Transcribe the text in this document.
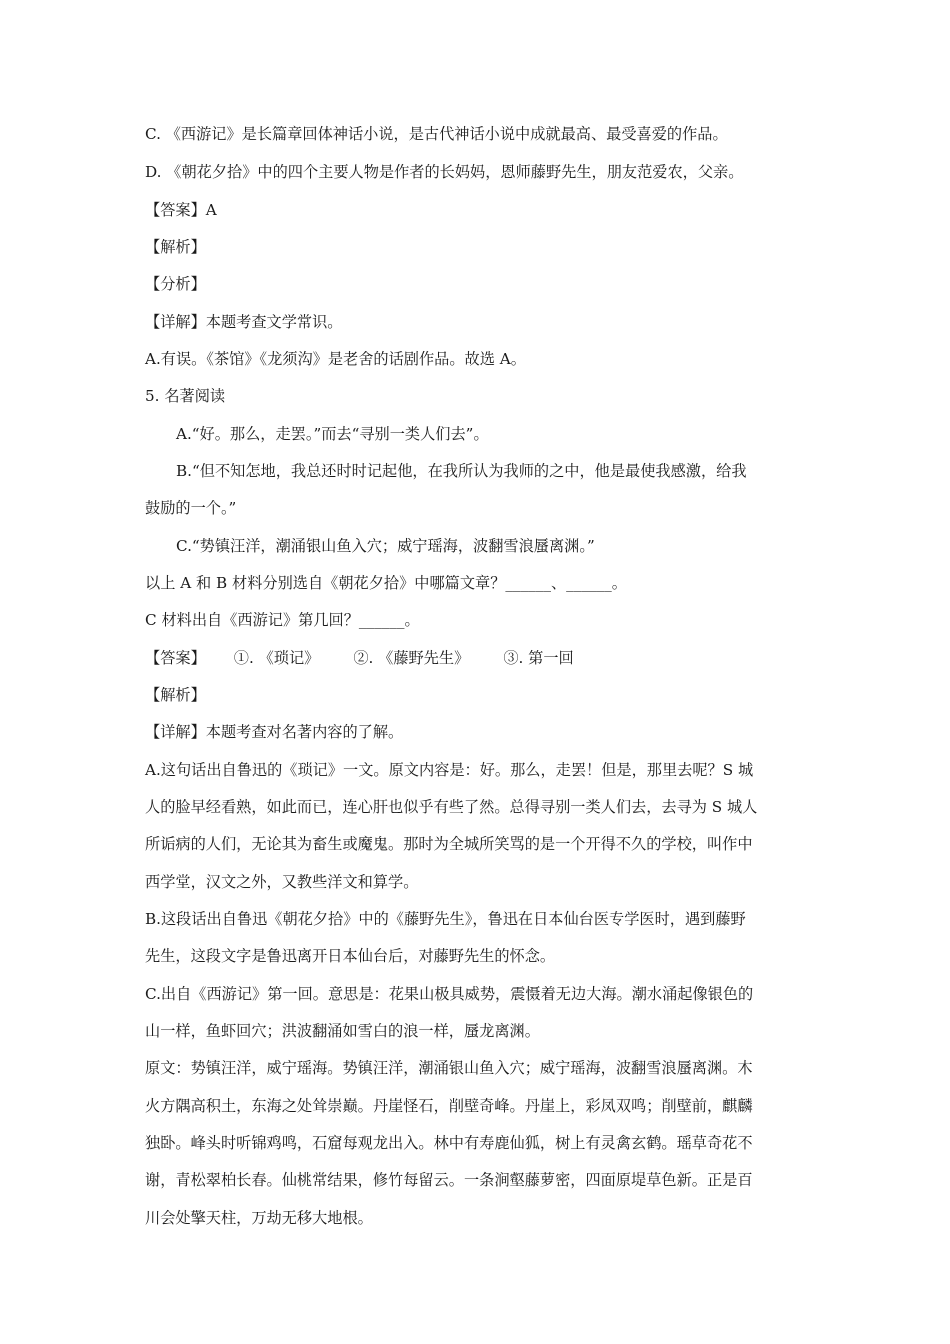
C. 《西游记》是长篇章回体神话小说，是古代神话小说中成就最高、最受喜爱的作品。
D. 《朝花夕拾》中的四个主要人物是作者的长妈妈，恩师藤野先生，朋友范爱农，父亲。
【答案】A
【解析】
【分析】
【详解】本题考查文学常识。
A.有误。《茶馆》《龙须沟》是老舍的话剧作品。故选 A。
5. 名著阅读
A.“好。那么，走罢。”而去“寻别一类人们去”。
B.“但不知怎地，我总还时时记起他，在我所认为我师的之中，他是最使我感激，给我
鼓励的一个。”
C.“势镇汪洋，潮涌银山鱼入穴；威宁瑶海，波翻雪浪蜃离渊。”
以上 A 和 B 材料分别选自《朝花夕拾》中哪篇文章？______、______。
C 材料出自《西游记》第几回？______。
【答案】 ①. 《琐记》 ②. 《藤野先生》 ③. 第一回
【解析】
【详解】本题考查对名著内容的了解。
A.这句话出自鲁迅的《琐记》一文。原文内容是：好。那么，走罢！但是，那里去呢？S 城
人的脸早经看熟，如此而已，连心肝也似乎有些了然。总得寻别一类人们去，去寻为 S 城人
所诟病的人们，无论其为畜生或魔鬼。那时为全城所笑骂的是一个开得不久的学校，叫作中
西学堂，汉文之外，又教些洋文和算学。
B.这段话出自鲁迅《朝花夕拾》中的《藤野先生》，鲁迅在日本仙台医专学医时，遇到藤野
先生，这段文字是鲁迅离开日本仙台后，对藤野先生的怀念。
C.出自《西游记》第一回。意思是：花果山极具威势，震慑着无边大海。潮水涌起像银色的
山一样，鱼虾回穴；洪波翻涌如雪白的浪一样，蜃龙离渊。
原文：势镇汪洋，威宁瑶海。势镇汪洋，潮涌银山鱼入穴；威宁瑶海，波翻雪浪蜃离渊。木
火方隅高积土，东海之处耸崇巅。丹崖怪石，削壁奇峰。丹崖上，彩凤双鸣；削壁前，麒麟
独卧。峰头时听锦鸡鸣，石窟每观龙出入。林中有寿鹿仙狐，树上有灵禽玄鹤。瑶草奇花不
谢，青松翠柏长春。仙桃常结果，修竹每留云。一条涧壑藤萝密，四面原堤草色新。正是百
川会处擎天柱，万劫无移大地根。
